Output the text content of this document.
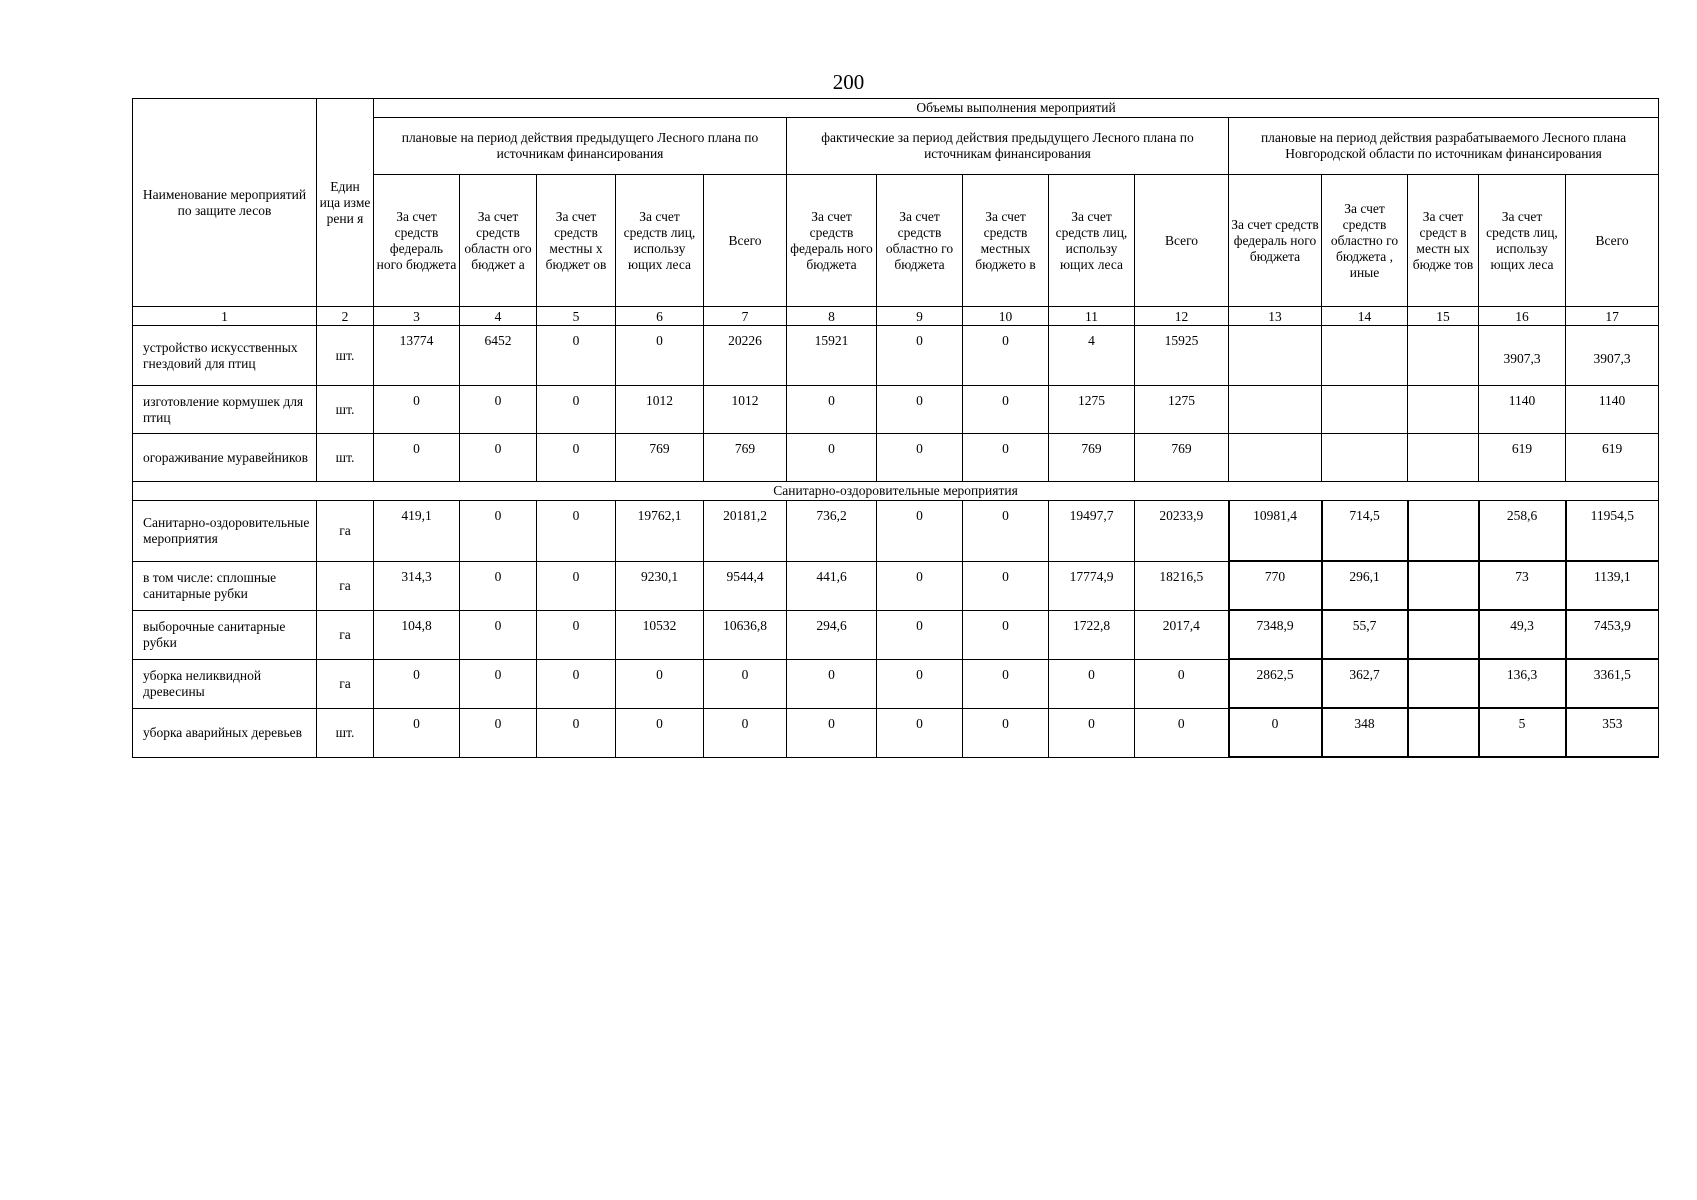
200
Наименование мероприятий по защите лесов	Един ица изме рени я	Объемы выполнения мероприятий														
		плановые на период действия предыдущего Лесного плана по источникам финансирования					фактические за период действия предыдущего Лесного плана по источникам финансирования					плановые на период действия разрабатываемого Лесного плана Новгородской области по источникам финансирования				
		За счет средств федераль ного бюджета	За счет средств областн ого бюджет а	За счет средств местны х бюджет ов	За счет средств лиц, использу ющих леса	Всего	За счет средств федераль ного бюджета	За счет средств областно го бюджета	За счет средств местных бюджето в	За счет средств лиц, использу ющих леса	Всего	За счет средств федераль ного бюджета	За счет средств областно го бюджета , иные	За счет средст в местн ых бюдже тов	За счет средств лиц, использу ющих леса	Всего
1	2	3	4	5	6	7	8	9	10	11	12	13	14	15	16	17
устройство искусственных гнездовий для птиц	шт.	13774	6452	0	0	20226	15921	0	0	4	15925				3907,3	3907,3
изготовление кормушек для птиц	шт.	0	0	0	1012	1012	0	0	0	1275	1275				1140	1140
огораживание муравейников	шт.	0	0	0	769	769	0	0	0	769	769				619	619
Санитарно-оздоровительные мероприятия																
Санитарно-оздоровительные мероприятия	га	419,1	0	0	19762,1	20181,2	736,2	0	0	19497,7	20233,9	10981,4	714,5		258,6	11954,5
в том числе: сплошные санитарные рубки	га	314,3	0	0	9230,1	9544,4	441,6	0	0	17774,9	18216,5	770	296,1		73	1139,1
выборочные санитарные рубки	га	104,8	0	0	10532	10636,8	294,6	0	0	1722,8	2017,4	7348,9	55,7		49,3	7453,9
уборка неликвидной древесины	га	0	0	0	0	0	0	0	0	0	0	2862,5	362,7		136,3	3361,5
уборка аварийных деревьев	шт.	0	0	0	0	0	0	0	0	0	0	0	348		5	353
